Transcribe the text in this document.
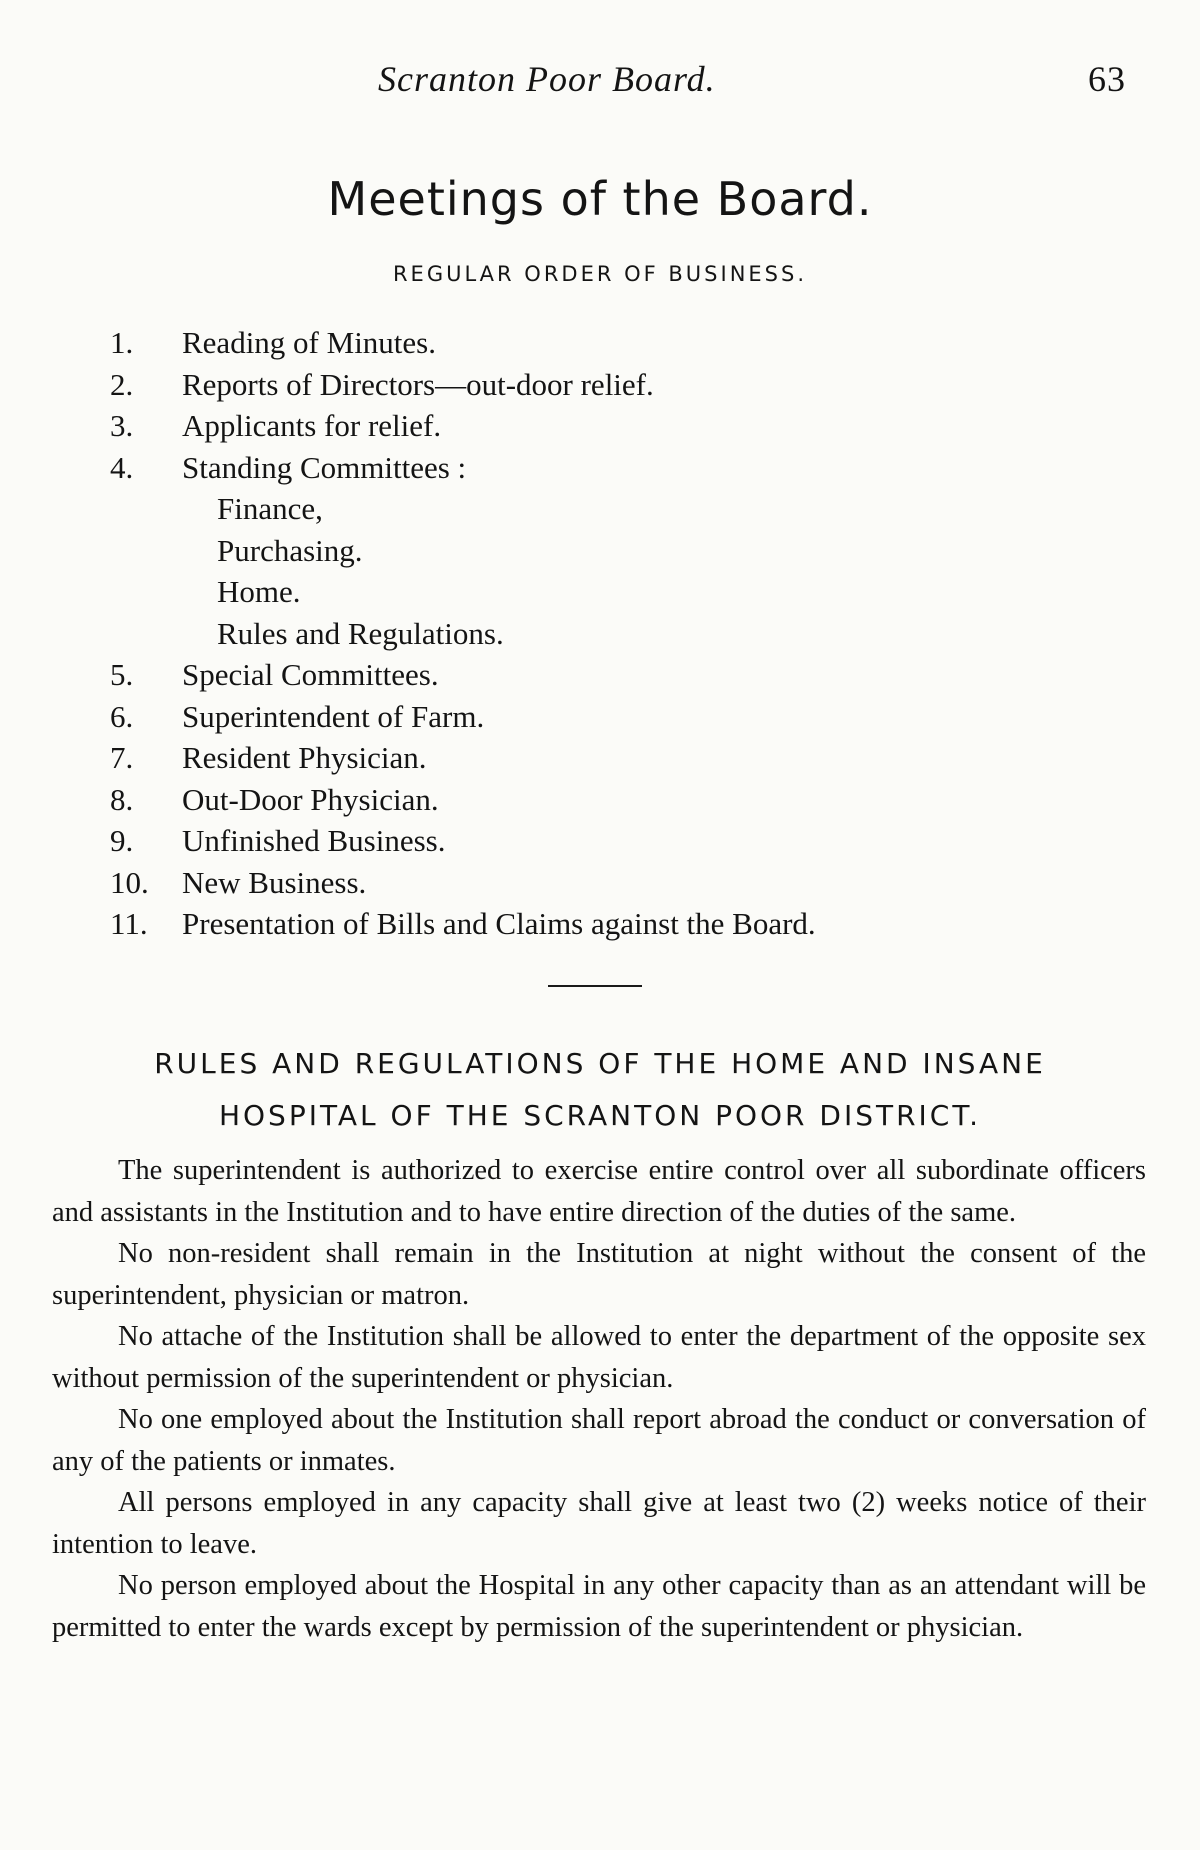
Scranton Poor Board.	63
Meetings of the Board.
REGULAR ORDER OF BUSINESS.
1.	Reading of Minutes.
2.	Reports of Directors—out-door relief.
3.	Applicants for relief.
4.	Standing Committees :
Finance,
Purchasing.
Home.
Rules and Regulations.
5.	Special Committees.
6.	Superintendent of Farm.
7.	Resident Physician.
8.	Out-Door Physician.
9.	Unfinished Business.
10.	New Business.
11.	Presentation of Bills and Claims against the Board.
RULES AND REGULATIONS OF THE HOME AND INSANE
HOSPITAL OF THE SCRANTON POOR DISTRICT.

The superintendent is authorized to exercise entire control over all subordinate officers and assistants in the Institution and to have entire direction of the duties of the same.

No non-resident shall remain in the Institution at night without the consent of the superintendent, physician or matron.

No attache of the Institution shall be allowed to enter the department of the opposite sex without permission of the superintendent or physician.

No one employed about the Institution shall report abroad the conduct or conversation of any of the patients or inmates.

All persons employed in any capacity shall give at least two (2) weeks notice of their intention to leave.

No person employed about the Hospital in any other capacity than as an attendant will be permitted to enter the wards except by permission of the superintendent or physician.
